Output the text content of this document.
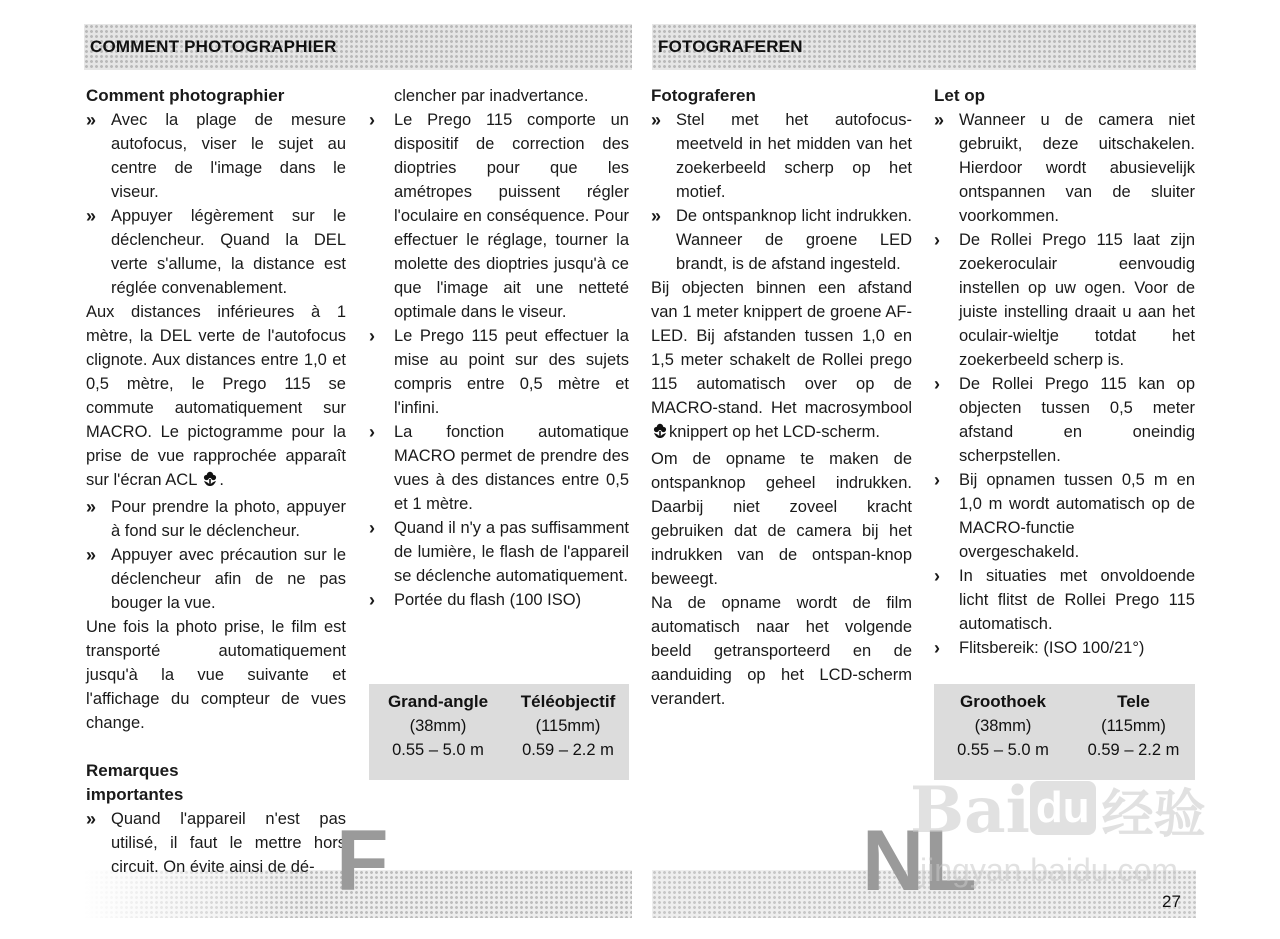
COMMENT PHOTOGRAPHIER	FOTOGRAFEREN
Comment photographier
» Avec la plage de mesure autofocus, viser le sujet au centre de l'image dans le viseur.

» Appuyer légèrement sur le déclencheur. Quand la DEL verte s'allume, la distance est réglée convenablement.

Aux distances inférieures à 1 mètre, la DEL verte de l'autofocus clignote. Aux distances entre 1,0 et 0,5 mètre, le Prego 115 se commute automatiquement sur MACRO. Le pictogramme pour la prise de vue rapprochée apparaît sur l'écran ACL .

» Pour prendre la photo, appuyer à fond sur le déclencheur.

» Appuyer avec précaution sur le déclencheur afin de ne pas bouger la vue.

Une fois la photo prise, le film est transporté automatiquement jusqu'à la vue suivante et l'affichage du compteur de vues change.

Remarques
importantes
» Quand l'appareil n'est pas utilisé, il faut le mettre hors circuit. On évite ainsi de dé-

clencher par inadvertance.

› Le Prego 115 comporte un dispositif de correction des dioptries pour que les amétropes puissent régler l'oculaire en conséquence. Pour effectuer le réglage, tourner la molette des dioptries jusqu'à ce que l'image ait une netteté optimale dans le viseur.

› Le Prego 115 peut effectuer la mise au point sur des sujets compris entre 0,5 mètre et l'infini.

› La fonction automatique MACRO permet de prendre des vues à des distances entre 0,5 et 1 mètre.

› Quand il n'y a pas suffisamment de lumière, le flash de l'appareil se déclenche automatiquement.

› Portée du flash (100 ISO)

Grand-angle	Téléobjectif
(38mm)	(115mm)
0.55 – 5.0 m	0.59 – 2.2 m
Fotograferen
» Stel met het autofocus-meetveld in het midden van het zoekerbeeld scherp op het motief.

» De ontspanknop licht indrukken. Wanneer de groene LED brandt, is de afstand ingesteld.

Bij objecten binnen een afstand van 1 meter knippert de groene AF-LED. Bij afstanden tussen 1,0 en 1,5 meter schakelt de Rollei prego 115 automatisch over op de MACRO-stand. Het macrosymboolknippert op het LCD-scherm.

Om de opname te maken de ontspanknop geheel indrukken. Daarbij niet zoveel kracht gebruiken dat de camera bij het indrukken van de ontspan-knop beweegt.

Na de opname wordt de film automatisch naar het volgende beeld getransporteerd en de aanduiding op het LCD-scherm verandert.

Let op
» Wanneer u de camera niet gebruikt, deze uitschakelen. Hierdoor wordt abusievelijk ontspannen van de sluiter voorkommen.

› De Rollei Prego 115 laat zijn zoekeroculair eenvoudig instellen op uw ogen. Voor de juiste instelling draait u aan het oculair-wieltje totdat het zoekerbeeld scherp is.

› De Rollei Prego 115 kan op objecten tussen 0,5 meter afstand en oneindig scherpstellen.

› Bij opnamen tussen 0,5 m en 1,0 m wordt automatisch op de MACRO-functie overgeschakeld.

› In situaties met onvoldoende licht flitst de Rollei Prego 115 automatisch.

› Flitsbereik: (ISO 100/21°)

Groothoek	Tele
(38mm)	(115mm)
0.55 – 5.0 m	0.59 – 2.2 m
F	NL	27
Bai du 经验
jingyan.baidu.com
